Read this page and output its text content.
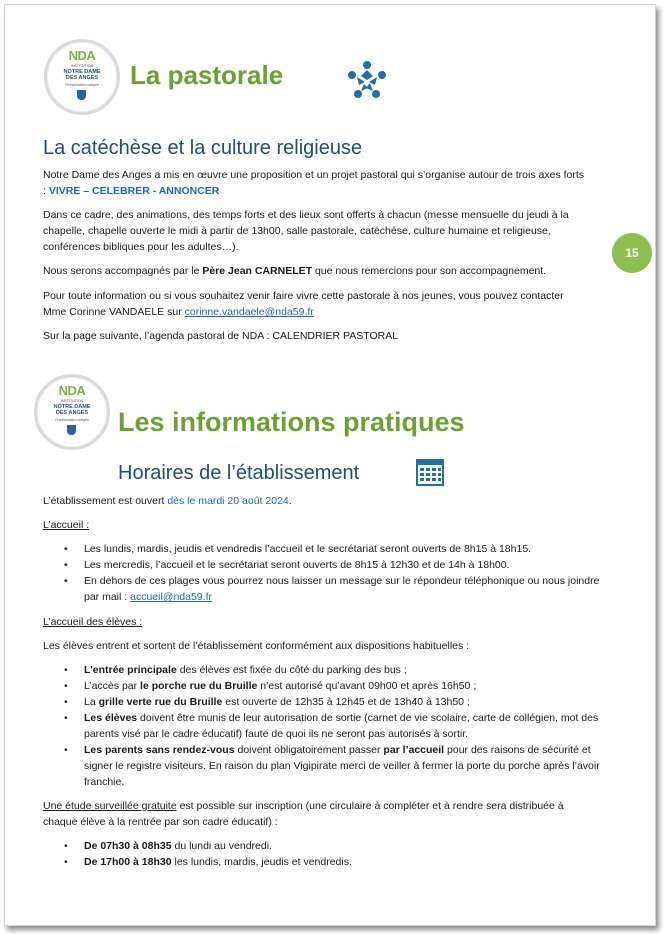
NDA
INSTITUTION
NOTRE DAME
DES ANGES
Prononciation obligée	La pastorale
La catéchèse et la culture religieuse
Notre Dame des Anges a mis en œuvre une proposition et un projet pastoral qui s’organise autour de trois axes forts
: VIVRE – CELEBRER - ANNONCER
Dans ce cadre, des animations, des temps forts et des lieux sont offerts à chacun (messe mensuelle du jeudi à la
chapelle, chapelle ouverte le midi à partir de 13h00, salle pastorale, catéchèse, culture humaine et religieuse,
conférences bibliques pour les adultes…).
Nous serons accompagnés par le Père Jean CARNELET que nous remercions pour son accompagnement.
Pour toute information ou si vous souhaitez venir faire vivre cette pastorale à nos jeunes, vous pouvez contacter
Mme Corinne VANDAELE sur corinne.vandaele@nda59.fr
Sur la page suivante, l’agenda pastoral de NDA : CALENDRIER PASTORAL
15
NDA
INSTITUTION
NOTRE DAME
DES ANGES
Prononciation obligée	Les informations pratiques
Horaires de l’établissement
L’établissement est ouvert dès le mardi 20 août 2024.
L’accueil :
• Les lundis, mardis, jeudis et vendredis l’accueil et le secrétariat seront ouverts de 8h15 à 18h15.
• Les mercredis, l’accueil et le secrétariat seront ouverts de 8h15 à 12h30 et de 14h à 18h00.
• En dehors de ces plages vous pourrez nous laisser un message sur le répondeur téléphonique ou nous joindre
par mail : accueil@nda59.fr
L’accueil des élèves :
Les élèves entrent et sortent de l’établissement conformément aux dispositions habituelles :
• L’entrée principale des élèves est fixée du côté du parking des bus ;
• L’accès par le porche rue du Bruille n’est autorisé qu’avant 09h00 et après 16h50 ;
• La grille verte rue du Bruille est ouverte de 12h35 à 12h45 et de 13h40 à 13h50 ;
• Les élèves doivent être munis de leur autorisation de sortie (carnet de vie scolaire, carte de collégien, mot des
parents visé par le cadre éducatif) faute de quoi ils ne seront pas autorisés à sortir.
• Les parents sans rendez-vous doivent obligatoirement passer par l’accueil pour des raisons de sécurité et
signer le registre visiteurs. En raison du plan Vigipirate merci de veiller à fermer la porte du porche après l’avoir
franchie.
Une étude surveillée gratuite est possible sur inscription (une circulaire à compléter et à rendre sera distribuée à
chaque élève à la rentrée par son cadre éducatif) :
• De 07h30 à 08h35 du lundi au vendredi.
• De 17h00 à 18h30 les lundis, mardis, jeudis et vendredis.
